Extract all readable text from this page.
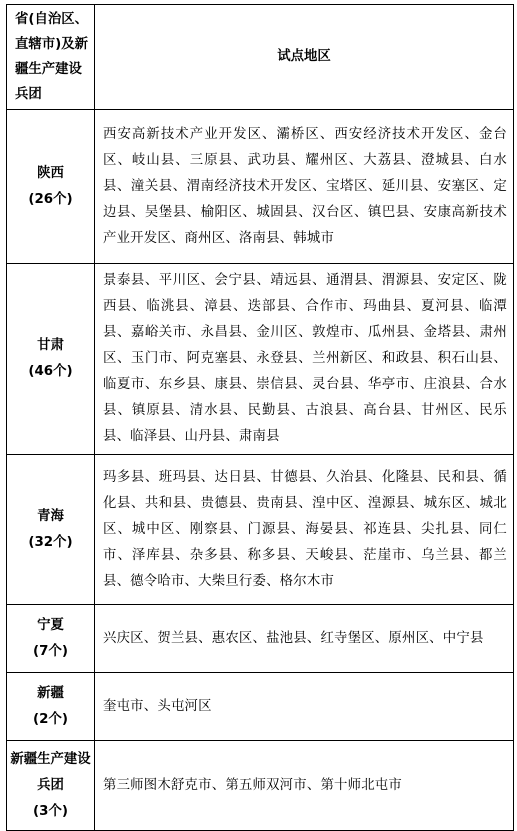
省(自治区、直辖市)及新疆生产建设兵团	试点地区

陕西
(26个)	西安高新技术产业开发区、灞桥区、西安经济技术开发区、金台区、岐山县、三原县、武功县、耀州区、大荔县、澄城县、白水县、潼关县、渭南经济技术开发区、宝塔区、延川县、安塞区、定边县、吴堡县、榆阳区、城固县、汉台区、镇巴县、安康高新技术产业开发区、商州区、洛南县、韩城市

甘肃
(46个)	景泰县、平川区、会宁县、靖远县、通渭县、渭源县、安定区、陇西县、临洮县、漳县、迭部县、合作市、玛曲县、夏河县、临潭县、嘉峪关市、永昌县、金川区、敦煌市、瓜州县、金塔县、肃州区、玉门市、阿克塞县、永登县、兰州新区、和政县、积石山县、临夏市、东乡县、康县、崇信县、灵台县、华亭市、庄浪县、合水县、镇原县、清水县、民勤县、古浪县、高台县、甘州区、民乐县、临泽县、山丹县、肃南县

青海
(32个)	玛多县、班玛县、达日县、甘德县、久治县、化隆县、民和县、循化县、共和县、贵德县、贵南县、湟中区、湟源县、城东区、城北区、城中区、刚察县、门源县、海晏县、祁连县、尖扎县、同仁市、泽库县、杂多县、称多县、天峻县、茫崖市、乌兰县、都兰县、德令哈市、大柴旦行委、格尔木市

宁夏
(7个)	兴庆区、贺兰县、惠农区、盐池县、红寺堡区、原州区、中宁县

新疆
(2个)	奎屯市、头屯河区

新疆生产建设兵团
(3个)	第三师图木舒克市、第五师双河市、第十师北屯市
